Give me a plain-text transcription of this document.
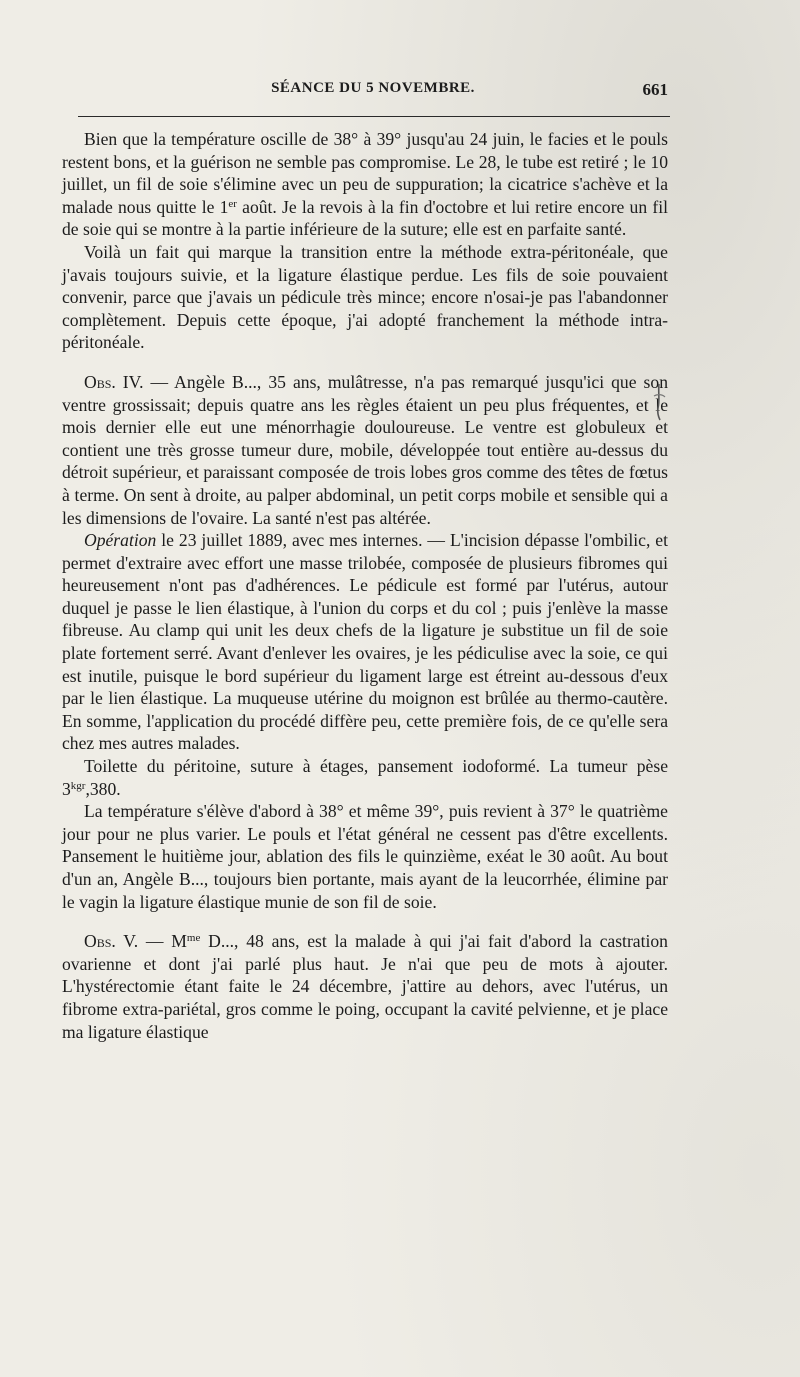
SÉANCE DU 5 NOVEMBRE.	661

Bien que la température oscille de 38° à 39° jusqu'au 24 juin, le facies et le pouls restent bons, et la guérison ne semble pas compromise. Le 28, le tube est retiré ; le 10 juillet, un fil de soie s'élimine avec un peu de suppuration; la cicatrice s'achève et la malade nous quitte le 1er août. Je la revois à la fin d'octobre et lui retire encore un fil de soie qui se montre à la partie inférieure de la suture; elle est en parfaite santé.

Voilà un fait qui marque la transition entre la méthode extra-péritonéale, que j'avais toujours suivie, et la ligature élastique perdue. Les fils de soie pouvaient convenir, parce que j'avais un pédicule très mince; encore n'osai-je pas l'abandonner complètement. Depuis cette époque, j'ai adopté franchement la méthode intra-péritonéale.

Obs. IV. — Angèle B..., 35 ans, mulâtresse, n'a pas remarqué jusqu'ici que son ventre grossissait; depuis quatre ans les règles étaient un peu plus fréquentes, et le mois dernier elle eut une ménorrhagie douloureuse. Le ventre est globuleux et contient une très grosse tumeur dure, mobile, développée tout entière au-dessus du détroit supérieur, et paraissant composée de trois lobes gros comme des têtes de fœtus à terme. On sent à droite, au palper abdominal, un petit corps mobile et sensible qui a les dimensions de l'ovaire. La santé n'est pas altérée.

Opération le 23 juillet 1889, avec mes internes. — L'incision dépasse l'ombilic, et permet d'extraire avec effort une masse trilobée, composée de plusieurs fibromes qui heureusement n'ont pas d'adhérences. Le pédicule est formé par l'utérus, autour duquel je passe le lien élastique, à l'union du corps et du col ; puis j'enlève la masse fibreuse. Au clamp qui unit les deux chefs de la ligature je substitue un fil de soie plate fortement serré. Avant d'enlever les ovaires, je les pédiculise avec la soie, ce qui est inutile, puisque le bord supérieur du ligament large est étreint au-dessous d'eux par le lien élastique. La muqueuse utérine du moignon est brûlée au thermo-cautère. En somme, l'application du procédé diffère peu, cette première fois, de ce qu'elle sera chez mes autres malades.

Toilette du péritoine, suture à étages, pansement iodoformé. La tumeur pèse $3^{kgr},380$.

La température s'élève d'abord à 38° et même 39°, puis revient à 37° le quatrième jour pour ne plus varier. Le pouls et l'état général ne cessent pas d'être excellents. Pansement le huitième jour, ablation des fils le quinzième, exéat le 30 août. Au bout d'un an, Angèle B..., toujours bien portante, mais ayant de la leucorrhée, élimine par le vagin la ligature élastique munie de son fil de soie.

Obs. V. — $M^{me}$ D..., 48 ans, est la malade à qui j'ai fait d'abord la castration ovarienne et dont j'ai parlé plus haut. Je n'ai que peu de mots à ajouter. L'hystérectomie étant faite le 24 décembre, j'attire au dehors, avec l'utérus, un fibrome extra-pariétal, gros comme le poing, occupant la cavité pelvienne, et je place ma ligature élastique
